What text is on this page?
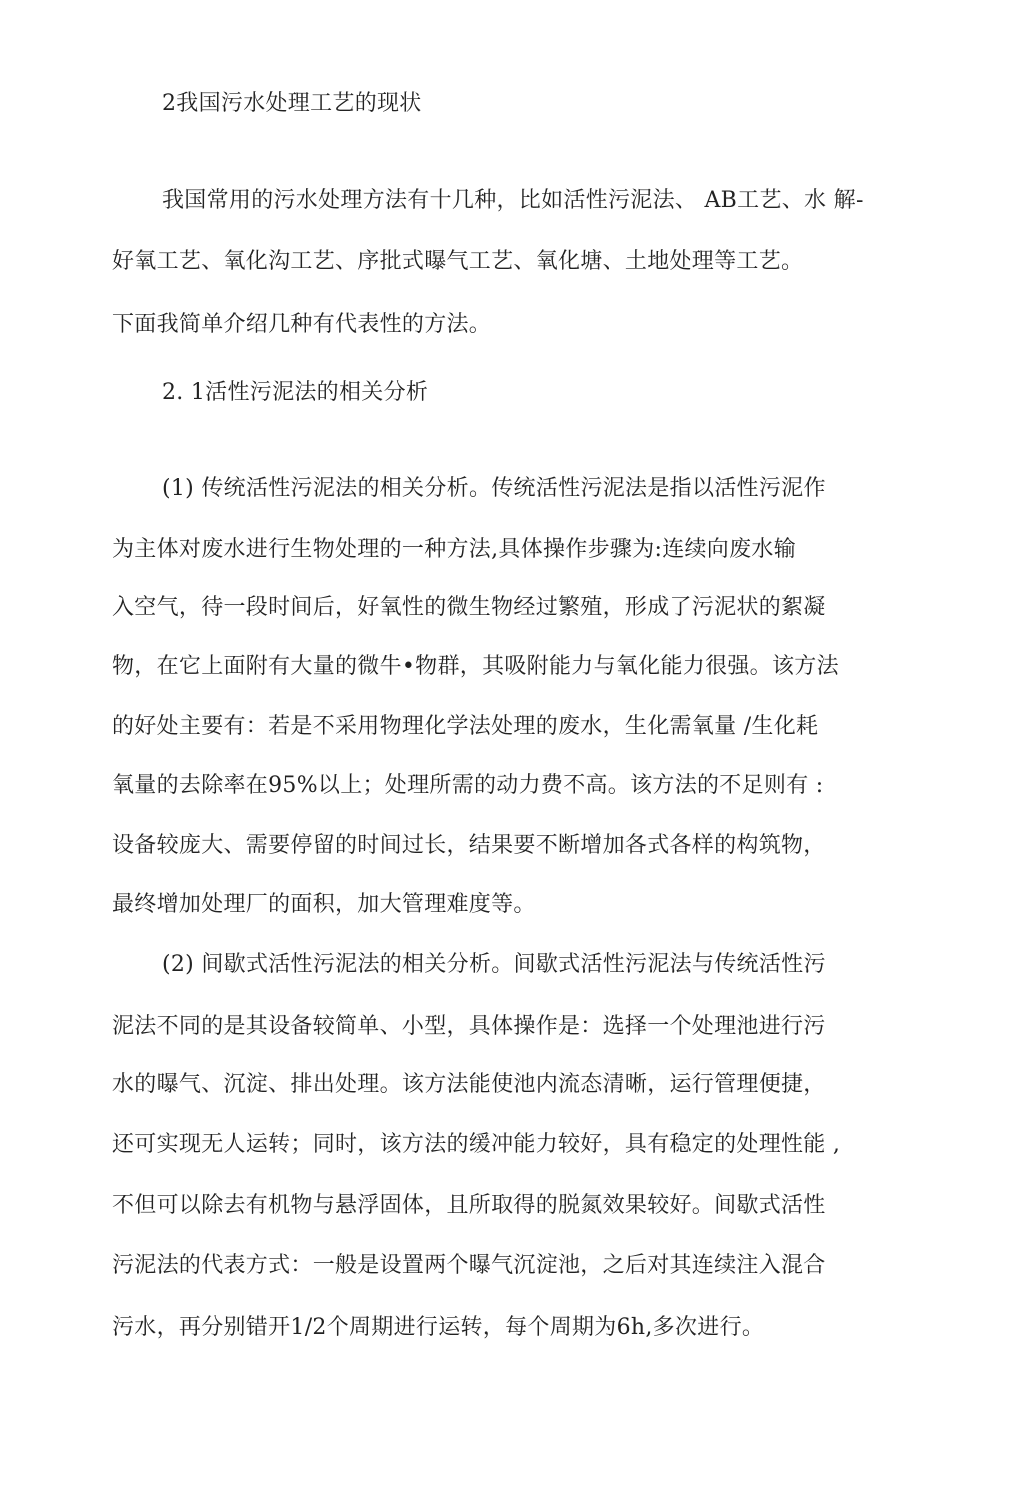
2我国污水处理工艺的现状
我国常用的污水处理方法有十几种，比如活性污泥法、 AB工艺、水 解-
好氧工艺、氧化沟工艺、序批式曝气工艺、氧化塘、土地处理等工艺。
下面我简单介绍几种有代表性的方法。
2. 1活性污泥法的相关分析
(1) 传统活性污泥法的相关分析。传统活性污泥法是指以活性污泥作
为主体对废水进行生物处理的一种方法,具体操作步骤为:连续向废水输
入空气，待一段时间后，好氧性的微生物经过繁殖，形成了污泥状的絮凝
物，在它上面附有大量的微牛•物群，其吸附能力与氧化能力很强。该方法
的好处主要有：若是不采用物理化学法处理的废水，生化需氧量 /生化耗
氧量的去除率在95%以上；处理所需的动力费不高。该方法的不足则有 :
设备较庞大、需要停留的时间过长，结果要不断增加各式各样的构筑物，
最终增加处理厂的面积，加大管理难度等。
(2) 间歇式活性污泥法的相关分析。间歇式活性污泥法与传统活性污
泥法不同的是其设备较简单、小型，具体操作是：选择一个处理池进行污
水的曝气、沉淀、排出处理。该方法能使池内流态清晰，运行管理便捷，
还可实现无人运转；同时，该方法的缓冲能力较好，具有稳定的处理性能 ,
不但可以除去有机物与悬浮固体，且所取得的脱氮效果较好。间歇式活性
污泥法的代表方式：一般是设置两个曝气沉淀池，之后对其连续注入混合
污水，再分别错开1/2个周期进行运转，每个周期为6h,多次进行。
